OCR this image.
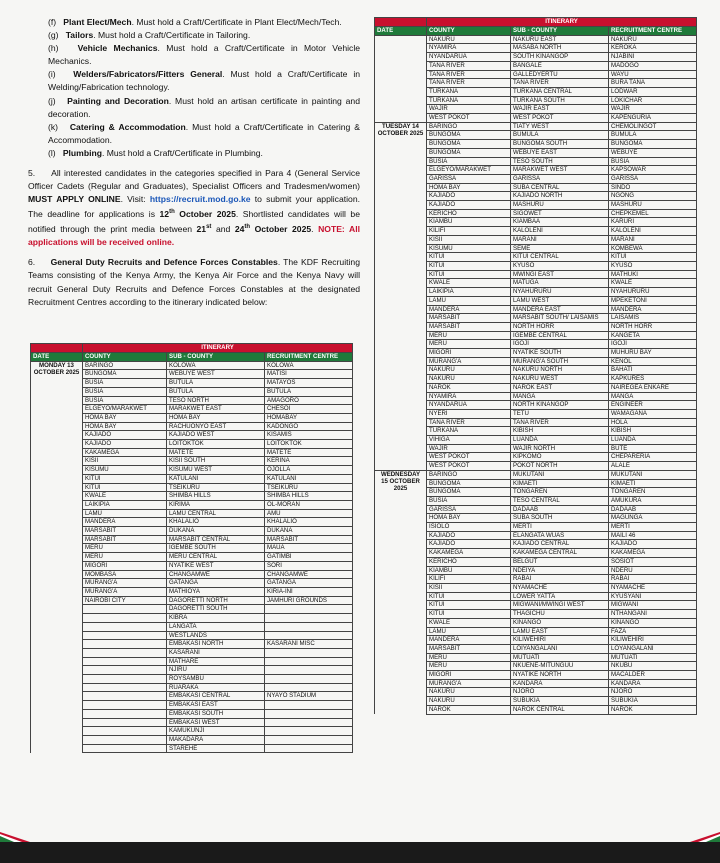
(f) Plant Elect/Mech. Must hold a Craft/Certificate in Plant Elect/Mech/Tech.

(g) Tailors. Must hold a Craft/Certificate in Tailoring.

(h) Vehicle Mechanics. Must hold a Craft/Certificate in Motor Vehicle Mechanics.

(i) Welders/Fabricators/Fitters General. Must hold a Craft/Certificate in Welding/Fabrication technology.

(j) Painting and Decoration. Must hold an artisan certificate in painting and decoration.

(k) Catering & Accommodation. Must hold a Craft/Certificate in Catering & Accommodation.

(l) Plumbing. Must hold a Craft/Certificate in Plumbing.

5. All interested candidates in the categories specified in Para 4 (General Service Officer Cadets (Regular and Graduates), Specialist Officers and Tradesmen/women) MUST APPLY ONLINE. Visit: https://recruit.mod.go.ke to submit your application. The deadline for applications is 12th October 2025. Shortlisted candidates will be notified through the print media between 21st and 24th October 2025. NOTE: All applications will be received online.

6. General Duty Recruits and Defence Forces Constables. The KDF Recruiting Teams consisting of the Kenya Army, the Kenya Air Force and the Kenya Navy will recruit General Duty Recruits and Defence Forces Constables at the designated Recruitment Centres according to the itinerary indicated below:

	ITINERARY		
DATE	COUNTY	SUB - COUNTY	RECRUITMENT CENTRE
MONDAY 13 OCTOBER 2025	BARINGO	KOLOWA	KOLOWA
	BUNGOMA	WEBUYE WEST	MATISI
	BUSIA	BUTULA	MATAYOS
	BUSIA	BUTULA	BUTULA
	BUSIA	TESO NORTH	AMAGORO
	ELGEYO/MARAKWET	MARAKWET EAST	CHESOI
	HOMA BAY	HOMA BAY	HOMABAY
	HOMA BAY	RACHUONYO EAST	KADONGO
	KAJIADO	KAJIADO WEST	KISAMIS
	KAJIADO	LOITOKTOK	LOITOKTOK
	KAKAMEGA	MATETE	MATETE
	KISII	KISII SOUTH	KERINA
	KISUMU	KISUMU WEST	OJOLLA
	KITUI	KATULANI	KATULANI
	KITUI	TSEIKURU	TSEIKURU
	KWALE	SHIMBA HILLS	SHIMBA HILLS
	LAIKIPIA	KIRIMA	OL-MORAN
	LAMU	LAMU CENTRAL	AMU
	MANDERA	KHALALIO	KHALALIO
	MARSABIT	DUKANA	DUKANA
	MARSABIT	MARSABIT CENTRAL	MARSABIT
	MERU	IGEMBE SOUTH	MAUA
	MERU	MERU CENTRAL	GATIMBI
	MIGORI	NYATIKE WEST	SORI
	MOMBASA	CHANGAMWE	CHANGAMWE
	MURANG'A	GATANGA	GATANGA
	MURANG'A	MATHIOYA	KIRIA-INI
	NAIROBI CITY	DAGORETTI NORTH	JAMHURI GROUNDS
		DAGORETTI SOUTH	
		KIBRA	
		LANGATA	
		WESTLANDS	
		EMBAKASI NORTH	KASARANI MISC
		KASARANI	
		MATHARE	
		NJIRU	
		ROYSAMBU	
		RUARAKA	
		EMBAKASI CENTRAL	NYAYO STADIUM
		EMBAKASI EAST	
		EMBAKASI SOUTH	
		EMBAKASI WEST	
		KAMUKUNJI	
		MAKADARA	
		STAREHE	
	ITINERARY		
DATE	COUNTY	SUB - COUNTY	RECRUITMENT CENTRE
	NAKURU	NAKURU EAST	NAKURU
	NYAMIRA	MASABA NORTH	KEROKA
	NYANDARUA	SOUTH KINANGOP	NJABINI
	TANA RIVER	BANGALE	MADOGO
	TANA RIVER	GALLEDYERTU	WAYU
	TANA RIVER	TANA RIVER	BURA TANA
	TURKANA	TURKANA CENTRAL	LODWAR
	TURKANA	TURKANA SOUTH	LOKICHAR
	WAJIR	WAJIR EAST	WAJIR
	WEST POKOT	WEST POKOT	KAPENGURIA
TUESDAY 14 OCTOBER 2025	BARINGO	TIATY WEST	CHEMOLINGOT
	BUNGOMA	BUMULA	BUMULA
	BUNGOMA	BUNGOMA SOUTH	BUNGOMA
	BUNGOMA	WEBUYE EAST	WEBUYE
	BUSIA	TESO SOUTH	BUSIA
	ELGEYO/MARAKWET	MARAKWET WEST	KAPSOWAR
	GARISSA	GARISSA	GARISSA
	HOMA BAY	SUBA CENTRAL	SINDO
	KAJIADO	KAJIADO NORTH	NGONG
	KAJIADO	MASHURU	MASHURU
	KERICHO	SIGOWET	CHEPKEMEL
	KIAMBU	KIAMBAA	KARURI
	KILIFI	KALOLENI	KALOLENI
	KISII	MARANI	MARANI
	KISUMU	SEME	KOMBEWA
	KITUI	KITUI CENTRAL	KITUI
	KITUI	KYUSO	KYUSO
	KITUI	MWINGI EAST	MATHUKI
	KWALE	MATUGA	KWALE
	LAIKIPIA	NYAHURURU	NYAHURURU
	LAMU	LAMU WEST	MPEKETONI
	MANDERA	MANDERA EAST	MANDERA
	MARSABIT	MARSABIT SOUTH/ LAISAMIS	LAISAMIS
	MARSABIT	NORTH HORR	NORTH HORR
	MERU	IGEMBE CENTRAL	KANGETA
	MERU	IGOJI	IGOJI
	MIGORI	NYATIKE SOUTH	MUHURU BAY
	MURANG'A	MURANG'A SOUTH	KENOL
	NAKURU	NAKURU NORTH	BAHATI
	NAKURU	NAKURU WEST	KAPKURES
	NAROK	NAROK EAST	NAIREGEA ENKARE
	NYAMIRA	MANGA	MANGA
	NYANDARUA	NORTH KINANGOP	ENGINEER
	NYERI	TETU	WAMAGANA
	TANA RIVER	TANA RIVER	HOLA
	TURKANA	KIBISH	KIBISH
	VIHIGA	LUANDA	LUANDA
	WAJIR	WAJIR NORTH	BUTE
	WEST POKOT	KIPKOMO	CHEPARERIA
	WEST POKOT	POKOT NORTH	ALALE
WEDNESDAY 15 OCTOBER 2025	BARINGO	MUKUTANI	MUKUTANI
	BUNGOMA	KIMAETI	KIMAETI
	BUNGOMA	TONGAREN	TONGAREN
	BUSIA	TESO CENTRAL	AMUKURA
	GARISSA	DADAAB	DADAAB
	HOMA BAY	SUBA SOUTH	MAGUNGA
	ISIOLO	MERTI	MERTI
	KAJIADO	ELANGATA WUAS	MAILI 46
	KAJIADO	KAJIADO CENTRAL	KAJIADO
	KAKAMEGA	KAKAMEGA CENTRAL	KAKAMEGA
	KERICHO	BELGUT	SOSIOT
	KIAMBU	NDEIYA	NDERU
	KILIFI	RABAI	RABAI
	KISII	NYAMACHE	NYAMACHE
	KITUI	LOWER YATTA	KYUSYANI
	KITUI	MIGWANI/MWINGI WEST	MIGWANI
	KITUI	THAGICHU	NTHANGANI
	KWALE	KINANGO	KINANGO
	LAMU	LAMU EAST	FAZA
	MANDERA	KILIWEHIRI	KILIWEHIRI
	MARSABIT	LOIYANGALANI	LOYANGALANI
	MERU	MUTUATI	MUTUATI
	MERU	NKUENE-MITUNGUU	NKUBU
	MIGORI	NYATIKE NORTH	MACALDER
	MURANG'A	KANDARA	KANDARA
	NAKURU	NJORO	NJORO
	NAKURU	SUBUKIA	SUBUKIA
	NAROK	NAROK CENTRAL	NAROK
